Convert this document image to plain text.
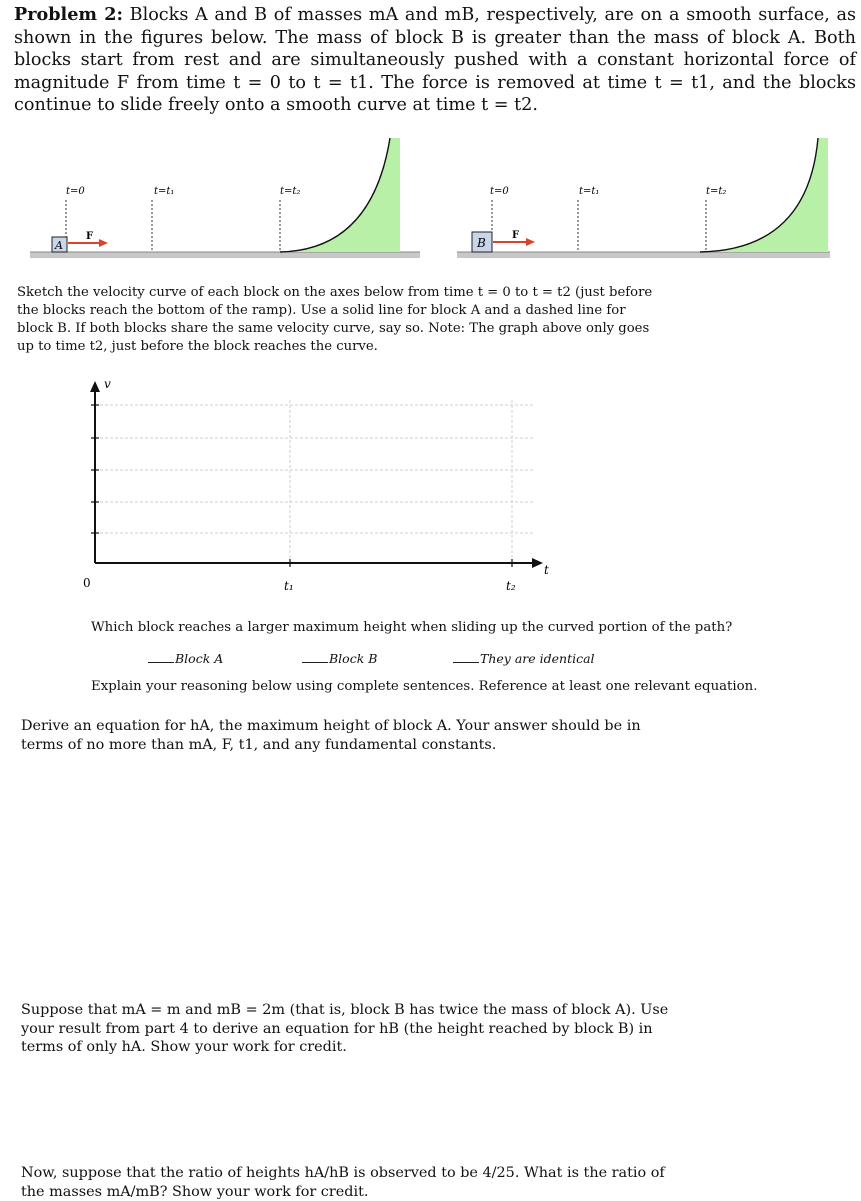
Problem 2: Blocks A and B of masses mA and mB, respectively, are on a smooth surface, as shown in the figures below. The mass of block B is greater than the mass of block A. Both blocks start from rest and are simultaneously pushed with a constant horizontal force of magnitude F from time t = 0 to t = t1. The force is removed at time t = t1, and the blocks continue to slide freely onto a smooth curve at time t = t2.

t=0	t=t₁	t=t₂
A
F
t=0	t=t₁	t=t₂
B
F

Sketch the velocity curve of each block on the axes below from time t = 0 to t = t2 (just before the blocks reach the bottom of the ramp). Use a solid line for block A and a dashed line for block B. If both blocks share the same velocity curve, say so. Note: The graph above only goes up to time t2, just before the block reaches the curve.

v
t
0	t₁	t₂

Which block reaches a larger maximum height when sliding up the curved portion of the path?

Block A	Block B	They are identical

Explain your reasoning below using complete sentences. Reference at least one relevant equation.

Derive an equation for hA, the maximum height of block A. Your answer should be in terms of no more than mA, F, t1, and any fundamental constants.

Suppose that mA = m and mB = 2m (that is, block B has twice the mass of block A). Use your result from part 4 to derive an equation for hB (the height reached by block B) in terms of only hA. Show your work for credit.

Now, suppose that the ratio of heights hA/hB is observed to be 4/25. What is the ratio of the masses mA/mB? Show your work for credit.
